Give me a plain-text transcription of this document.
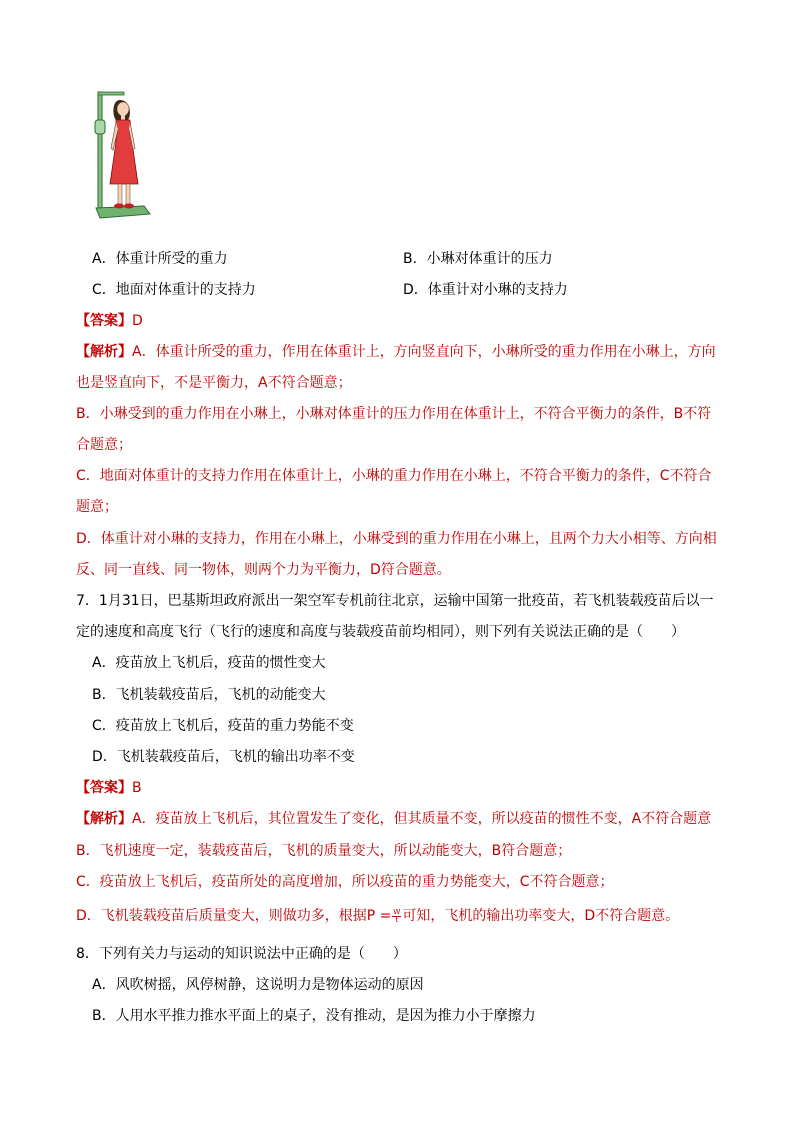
A．体重计所受的重力	B．小琳对体重计的压力
C．地面对体重计的支持力	D．体重计对小琳的支持力
【答案】D
【解析】A．体重计所受的重力，作用在体重计上，方向竖直向下，小琳所受的重力作用在小琳上，方向
也是竖直向下，不是平衡力，A不符合题意；
B．小琳受到的重力作用在小琳上，小琳对体重计的压力作用在体重计上，不符合平衡力的条件，B不符
合题意；
C．地面对体重计的支持力作用在体重计上，小琳的重力作用在小琳上，不符合平衡力的条件，C不符合
题意；
D．体重计对小琳的支持力，作用在小琳上，小琳受到的重力作用在小琳上，且两个力大小相等、方向相
反、同一直线、同一物体，则两个力为平衡力，D符合题意。
7．1月31日，巴基斯坦政府派出一架空军专机前往北京，运输中国第一批疫苗，若飞机装载疫苗后以一
定的速度和高度飞行（飞行的速度和高度与装载疫苗前均相同），则下列有关说法正确的是（　　）
A．疫苗放上飞机后，疫苗的惯性变大
B．飞机装载疫苗后，飞机的动能变大
C．疫苗放上飞机后，疫苗的重力势能不变
D．飞机装载疫苗后，飞机的输出功率不变
【答案】B
【解析】A．疫苗放上飞机后，其位置发生了变化，但其质量不变，所以疫苗的惯性不变，A不符合题意
B．飞机速度一定，装载疫苗后，飞机的质量变大，所以动能变大，B符合题意；
C．疫苗放上飞机后，疫苗所处的高度增加，所以疫苗的重力势能变大，C不符合题意；
D．飞机装载疫苗后质量变大，则做功多，根据$P = \frac{W}{t}$ 可知，飞机的输出功率变大，D不符合题意。
8．下列有关力与运动的知识说法中正确的是（　　）
A．风吹树摇，风停树静，这说明力是物体运动的原因
B．人用水平推力推水平面上的桌子，没有推动，是因为推力小于摩擦力
